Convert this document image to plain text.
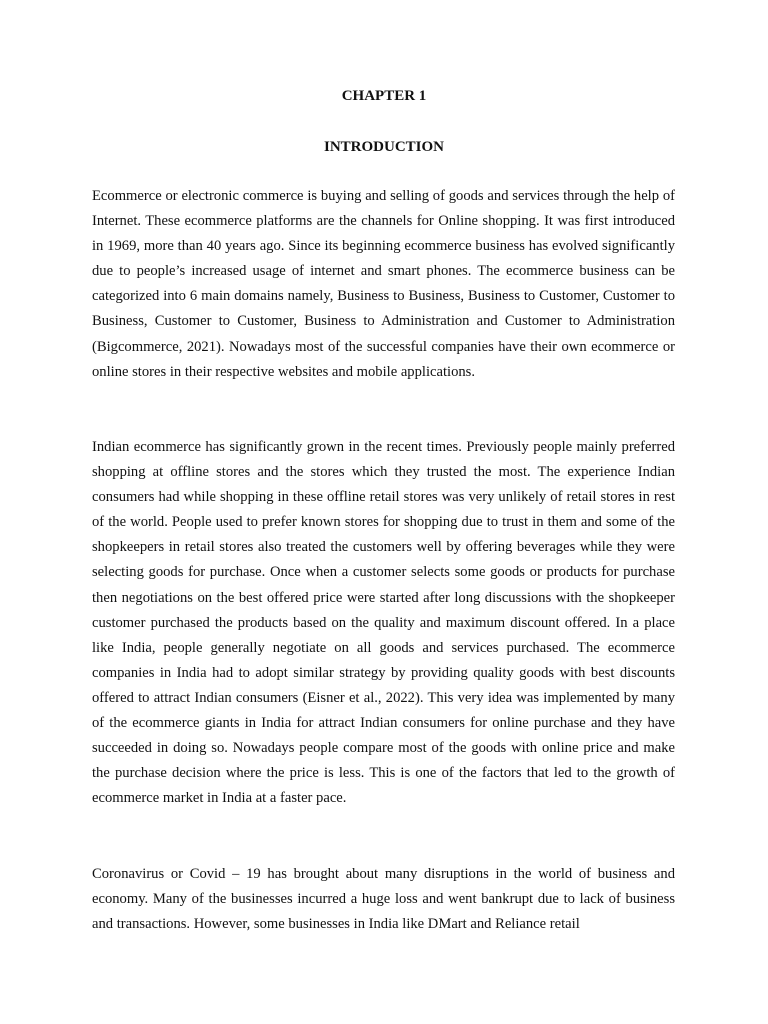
CHAPTER 1
INTRODUCTION

Ecommerce or electronic commerce is buying and selling of goods and services through the help of Internet. These ecommerce platforms are the channels for Online shopping. It was first introduced in 1969, more than 40 years ago. Since its beginning ecommerce business has evolved significantly due to people’s increased usage of internet and smart phones. The ecommerce business can be categorized into 6 main domains namely, Business to Business, Business to Customer, Customer to Business, Customer to Customer, Business to Administration and Customer to Administration (Bigcommerce, 2021). Nowadays most of the successful companies have their own ecommerce or online stores in their respective websites and mobile applications.

Indian ecommerce has significantly grown in the recent times. Previously people mainly preferred shopping at offline stores and the stores which they trusted the most. The experience Indian consumers had while shopping in these offline retail stores was very unlikely of retail stores in rest of the world. People used to prefer known stores for shopping due to trust in them and some of the shopkeepers in retail stores also treated the customers well by offering beverages while they were selecting goods for purchase. Once when a customer selects some goods or products for purchase then negotiations on the best offered price were started after long discussions with the shopkeeper customer purchased the products based on the quality and maximum discount offered. In a place like India, people generally negotiate on all goods and services purchased. The ecommerce companies in India had to adopt similar strategy by providing quality goods with best discounts offered to attract Indian consumers (Eisner et al., 2022). This very idea was implemented by many of the ecommerce giants in India for attract Indian consumers for online purchase and they have succeeded in doing so. Nowadays people compare most of the goods with online price and make the purchase decision where the price is less. This is one of the factors that led to the growth of ecommerce market in India at a faster pace.

Coronavirus or Covid – 19 has brought about many disruptions in the world of business and economy. Many of the businesses incurred a huge loss and went bankrupt due to lack of business and transactions. However, some businesses in India like DMart and Reliance retail
